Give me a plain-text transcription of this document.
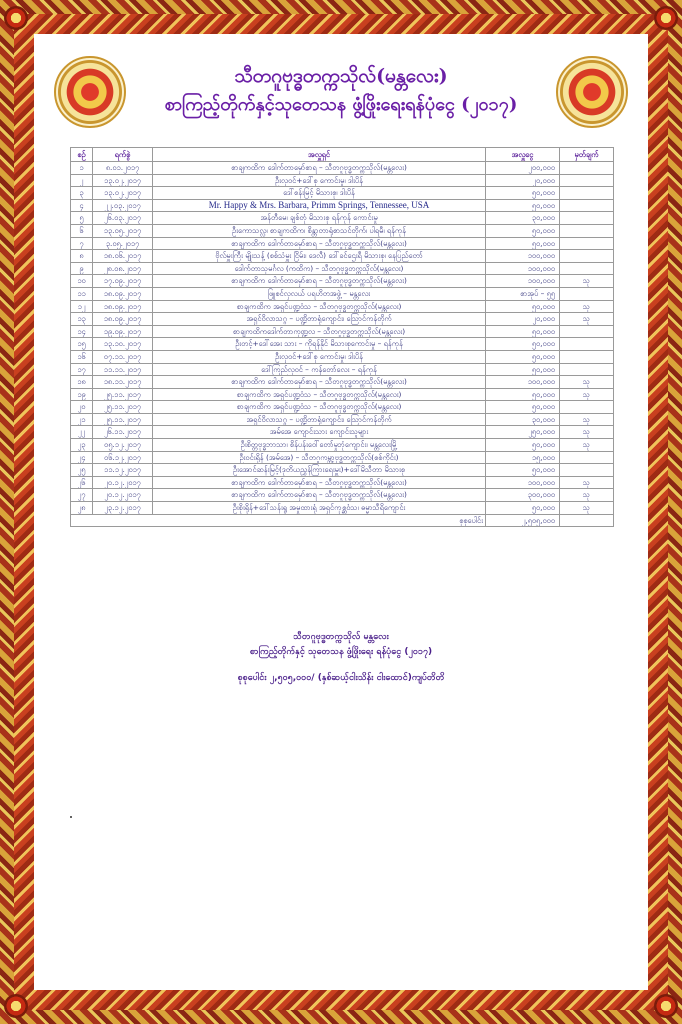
သီတဂူဗုဒ္ဓတက္ကသိုလ်(မန္တလေး)
စာကြည့်တိုက်နှင့်သုတေသန ဖွံ့ဖြိုးရေးရန်ပုံငွေ (၂၀၁၇)
စဉ်	ရက်စွဲ	အလှူရှင်	အလှူငွေ	မှတ်ချက်
၁	၈.၀၁.၂၀၁၇	စာချကထိက ဒေါက်တာမှော်စာရ – သီတဂူဗုဒ္ဓတက္ကသိုလ်(မန္တလေး)	၂၀၀,၀၀၀	
၂	၁၃.၀၂.၂၀၁၇	ဦးလှဝင်+ဒေါ်စု ကောင်းမှု၊ ဒါးပိန်	၂၀,၀၀၀	
၃	၁၃.၀၂.၂၀၁၇	ဒေါ်စန်းမြင့် မိသားစု၊ ဒါးပိန်	၅၀,၀၀၀	
၄	၂၂.၀၃.၂၀၁၇	Mr. Happy & Mrs. Barbara, Primm Springs, Tennessee, USA	၅၀,၀၀၀	
၅	၂၆.၀၃.၂၀၁၇	အန်တီမေ၊ ချစ်တုံ မိသားစု ရန်ကုန် ကောင်းမှု	၃၀,၀၀၀	
၆	၁၃.၀၅.၂၀၁၇	ဦးကောသလ္လ၊ စာချကထိက၊ စိန္တာတာရုံစာသင်တိုက်၊ ပါရမီ၊ ရန်ကုန်	၅၀,၀၀၀	
၇	၃.၀၅.၂၀၁၇	စာချကထိက ဒေါက်တာမှော်စာရ – သီတဂူဗုဒ္ဓတက္ကသိုလ်(မန္တလေး)	၅၀,၀၀၀	
၈	၁၈.၀၆.၂၀၁၇	ဗိုလ်မှူးကြီး မျိုးသန့် (စစ်သံမှူး ငြိမ်း၊ ဒေလီ) ဒေါ်ခင်ဌေးရီ မိသားစု၊ နေပြည်တော်	၁၀၀,၀၀၀	
၉	၂၈.၀၈.၂၀၁၇	ဒေါက်တာသုမင်္ဂလ (ကထိက) – သီတဂူဗုဒ္ဓတက္ကသိုလ်(မန္တလေး)	၁၀၀,၀၀၀	
၁၀	၁၇.၀၉.၂၀၁၇	စာချကထိက ဒေါက်တာမှော်စာရ – သီတဂူဗုဒ္ဓတက္ကသိုလ်(မန္တလေး)	၁၀၀,၀၀၀	သု
၁၁	၁၈.၀၉.၂၀၁၇	ဖြူစင်လှလယ် ပရဟိတအဖွဲ့ – မန္တလေး	စာအုပ် – ၅၅	
၁၂	၁၈.၀၉.၂၀၁၇	စာချကထိက အရှင်ပဏ္ဍဝံသ – သီတဂူဗုဒ္ဓတက္ကသိုလ်(မန္တလေး)	၅၀,၀၀၀	သု
၁၃	၁၈.၀၉.၂၀၁၇	အရှင်ဝိလာသဂ္ဂ – ပဏ္ဍိတာရုံကျောင်း၊ သြောင်ကန်တိုက်	၂၀,၀၀၀	သု
၁၄	၁၉.၀၉.၂၀၁၇	စာချကထိကဒေါက်တာကုဏ္ဍလ – သီတဂူဗုဒ္ဓတက္ကသိုလ်(မန္တလေး)	၅၀,၀၀၀	
၁၅	၁၃.၁၀.၂၀၁၇	ဦးတင့်+ဒေါ်အေး သား – ကိုရန်နိုင် မိသားစုကောင်းမှု – ရန်ကုန်	၅၀,၀၀၀	
၁၆	၀၇.၁၁.၂၀၁၇	ဦးလှဝင်+ဒေါ်စု ကောင်းမှု၊ ဒါးပိန်	၅၀,၀၀၀	
၁၇	၁၁.၁၁.၂၀၁၇	ဒေါ်ကြည်လှဝင် – ကန်တော်လေး – ရန်ကုန်	၅၀,၀၀၀	
၁၈	၁၈.၁၁.၂၀၁၇	စာချကထိက ဒေါက်တာမှော်စာရ – သီတဂူဗုဒ္ဓတက္ကသိုလ်(မန္တလေး)	၁၀၀,၀၀၀	သု
၁၉	၂၅.၁၁.၂၀၁၇	စာချကထိက အရှင်ပဏ္ဍဝံသ – သီတဂူဗုဒ္ဓတက္ကသိုလ်(မန္တလေး)	၅၀,၀၀၀	သု
၂၀	၂၅.၁၁.၂၀၁၇	စာချကထိက အရှင်ပဏ္ဍဝံသ – သီတဂူဗုဒ္ဓတက္ကသိုလ်(မန္တလေး)	၅၀,၀၀၀	
၂၁	၂၅.၁၁.၂၀၁၇	အရှင်ဝိလာသဂ္ဂ – ပဏ္ဍိတာရုံကျောင်း၊ သြောင်ကန်တိုက်	၃၀,၀၀၀	သု
၂၂	၂၆.၁၁.၂၀၁၇	အမ်အေ ကျောင်းသား ကျောင်းသူများ	၂၅၀,၀၀၀	သု
၂၃	၀၅.၁၂.၂၀၁၇	ဦးစိတ္တဗုဒ္ဓဘာသာ၊ စိန်ပန်းဝေါ်တော်မှုဘုံကျောင်း၊ မန္တလေးမြို့	၅၀,၀၀၀	သု
၂၄	၀၆.၁၂.၂၀၁၇	ဦးဝင်းရိုန် (အမ်အေ) – သီတဂူကမ္ဘာ့ဗုဒ္ဓတက္ကသိုလ်(စစ်ကိုင်း)	၁၅,၀၀၀	
၂၅	၁၁.၁၂.၂၀၁၇	ဦးအောင်ဆန်းမြင့်(ဒုတိယညွှန်ကြားရေးမှူး)+ဒေါ်မိသီတာ မိသားစု	၅၀,၀၀၀	
၂၆	၂၀.၁၂.၂၀၁၇	စာချကထိက ဒေါက်တာမှော်စာရ – သီတဂူဗုဒ္ဓတက္ကသိုလ်(မန္တလေး)	၁၀၀,၀၀၀	သု
၂၇	၂၀.၁၂.၂၀၁၇	စာချကထိက ဒေါက်တာမှော်စာရ – သီတဂူဗုဒ္ဓတက္ကသိုလ်(မန္တလေး)	၃၀၀,၀၀၀	သု
၂၈	၂၃.၁၂.၂၀၁၇	ဦးစိုးရိုန်+ဒေါ်သန်းရွ အမှုထားရုံ အရှင်ကုစ္ဆဝံသ၊ ဓမ္မာသီရိကျောင်း	၅၀,၀၀၀	သု
စုစုပေါင်း			၂,၅၀၅,၀၀၀	
သီတဂူဗုဒ္ဓတက္ကသိုလ် မန္တလေး
စာကြည့်တိုက်နှင့် သုတေသန ဖွံ့ဖြိုးရေး ရန်ပုံငွေ (၂၀၁၇)
စုစုပေါင်း ၂,၅၀၅,၀၀၀/ (နှစ်ဆယ့်ငါးသိန်း ငါးထောင်)ကျပ်တိတိ
